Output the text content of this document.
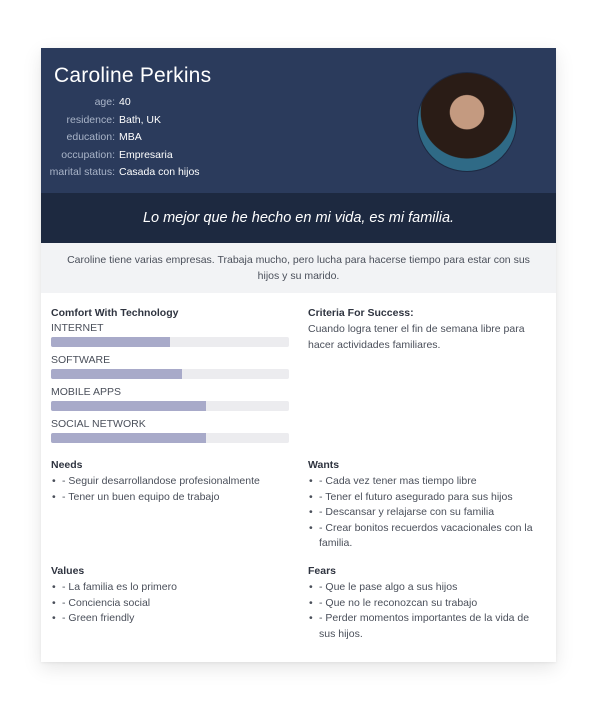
Caroline Perkins
age: 40
residence: Bath, UK
education: MBA
occupation: Empresaria
marital status: Casada con hijos
Lo mejor que he hecho en mi vida, es mi familia.
Caroline tiene varias empresas. Trabaja mucho, pero lucha para hacerse tiempo para estar con sus hijos y su marido.
Comfort With Technology
INTERNET
SOFTWARE
MOBILE APPS
SOCIAL NETWORK
Criteria For Success:
Cuando logra tener el fin de semana libre para hacer actividades familiares.
Needs
• - Seguir desarrollandose profesionalmente
• - Tener un buen equipo de trabajo
Wants
• - Cada vez tener mas tiempo libre
• - Tener el futuro asegurado para sus hijos
• - Descansar y relajarse con su familia
• - Crear bonitos recuerdos vacacionales con la familia.
Values
• - La familia es lo primero
• - Conciencia social
• - Green friendly
Fears
• - Que le pase algo a sus hijos
• - Que no le reconozcan su trabajo
• - Perder momentos importantes de la vida de sus hijos.
